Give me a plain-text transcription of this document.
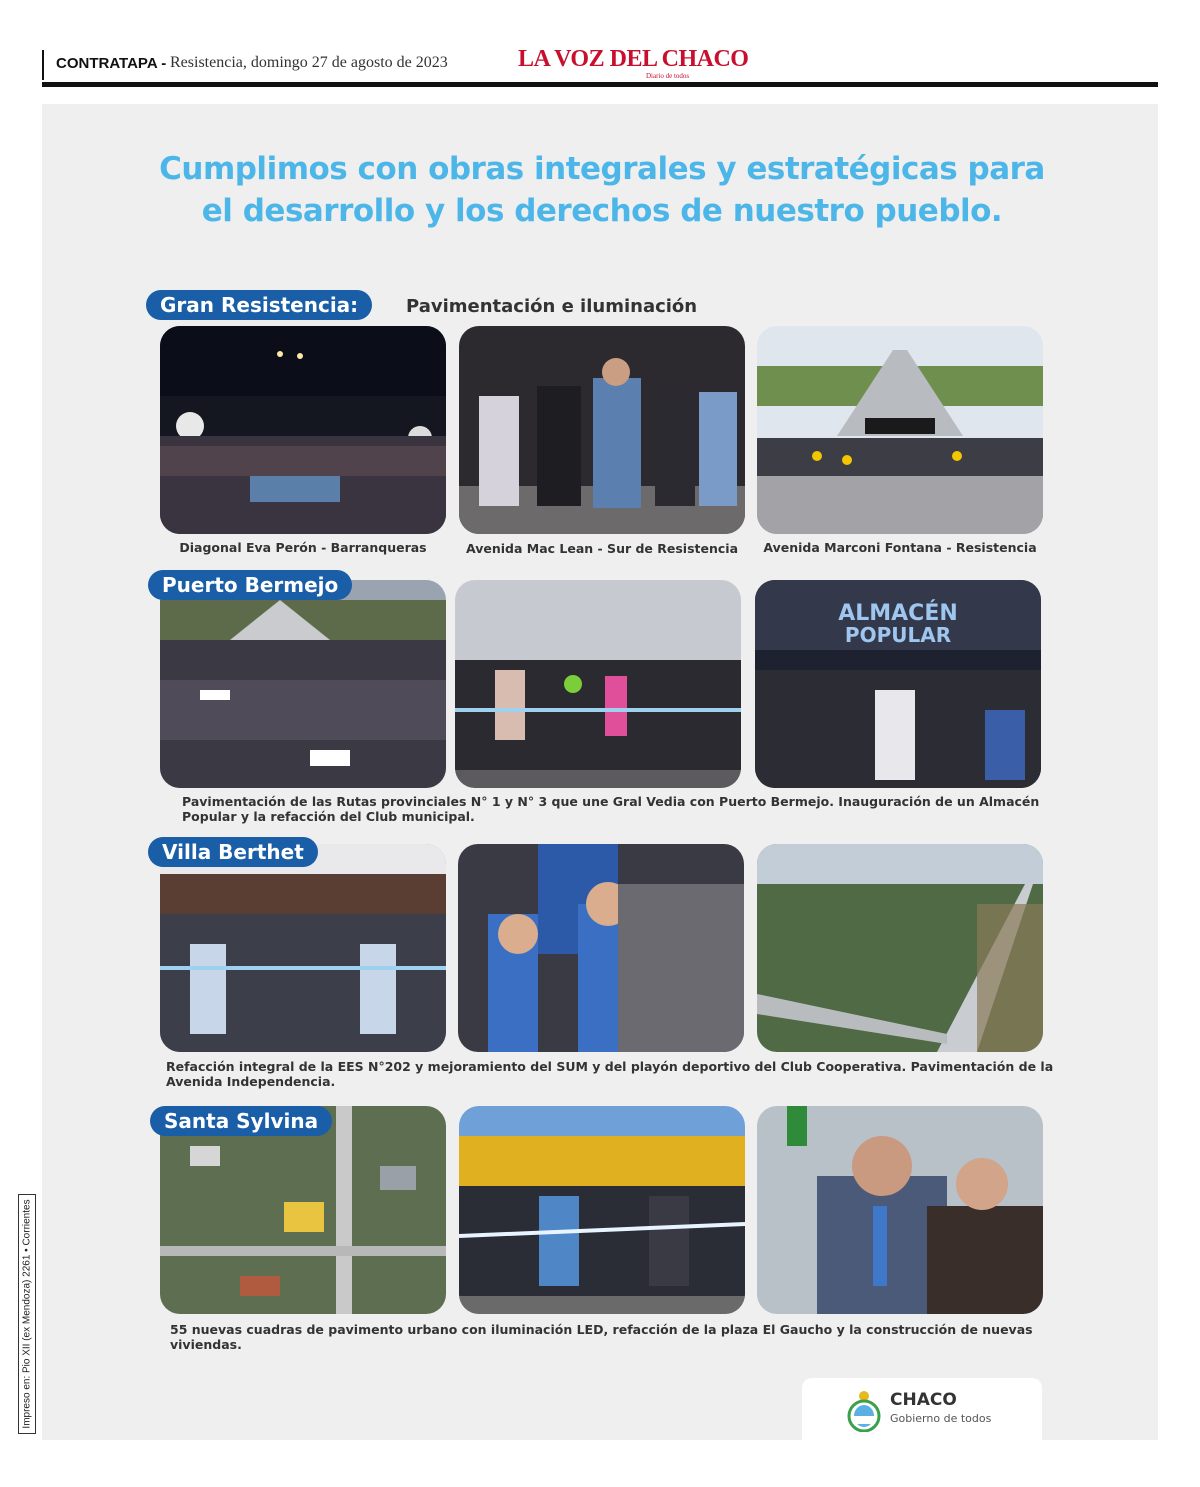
CONTRATAPA - Resistencia, domingo 27 de agosto de 2023	LA VOZ DEL CHACO
Diario de todos
Cumplimos con obras integrales y estratégicas para el desarrollo y los derechos de nuestro pueblo.
Gran Resistencia:	Pavimentación e iluminación
Diagonal Eva Perón - Barranqueras	Avenida Mac Lean - Sur de Resistencia	Avenida Marconi Fontana - Resistencia
ALMACÉN
POPULAR
Puerto Bermejo
Pavimentación de las Rutas provinciales N° 1 y N° 3 que une Gral Vedia con Puerto Bermejo. Inauguración de un Almacén Popular y la refacción del Club municipal.
Villa Berthet
Refacción integral de la EES N°202 y mejoramiento del SUM y del playón deportivo del Club Cooperativa. Pavimentación de la Avenida Independencia.
Santa Sylvina
55 nuevas cuadras de pavimento urbano con iluminación LED, refacción de la plaza El Gaucho y la construcción de nuevas viviendas.
CHACO
Gobierno de todos
Impreso en: Pio XII (ex Mendoza) 2261 • Corrientes
